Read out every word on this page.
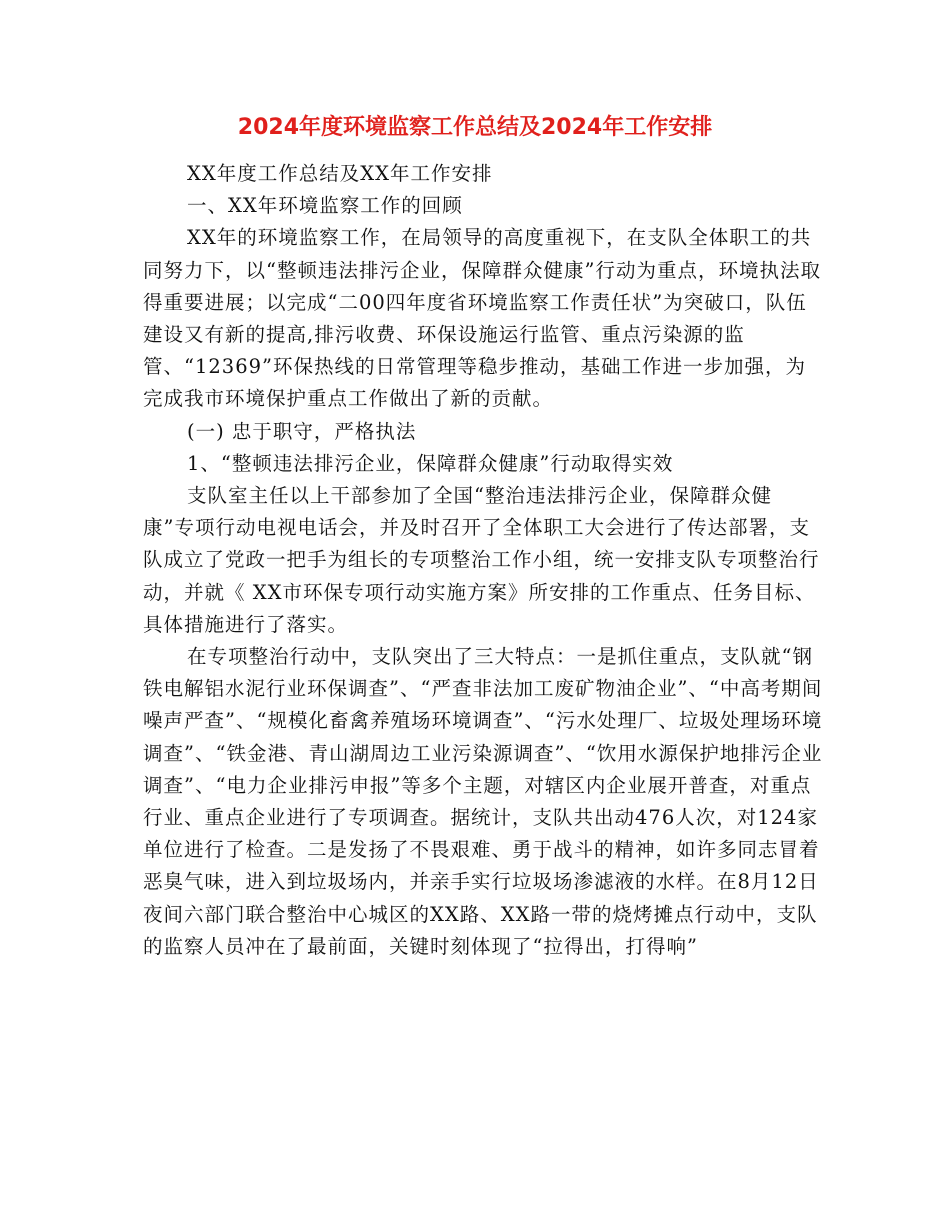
2024年度环境监察工作总结及2024年工作安排

XX年度工作总结及XX年工作安排

一、XX年环境监察工作的回顾

XX年的环境监察工作，在局领导的高度重视下，在支队全体职工的共同努力下，以“整顿违法排污企业，保障群众健康”行动为重点，环境执法取得重要进展；以完成“二00四年度省环境监察工作责任状”为突破口，队伍建设又有新的提高,排污收费、环保设施运行监管、重点污染源的监管、“12369”环保热线的日常管理等稳步推动，基础工作进一步加强，为完成我市环境保护重点工作做出了新的贡献。

(一) 忠于职守，严格执法

1、“整顿违法排污企业，保障群众健康”行动取得实效

支队室主任以上干部参加了全国“整治违法排污企业，保障群众健康”专项行动电视电话会，并及时召开了全体职工大会进行了传达部署，支队成立了党政一把手为组长的专项整治工作小组，统一安排支队专项整治行动，并就《 XX市环保专项行动实施方案》所安排的工作重点、任务目标、具体措施进行了落实。

在专项整治行动中，支队突出了三大特点：一是抓住重点，支队就“钢铁电解铝水泥行业环保调查”、“严查非法加工废矿物油企业”、“中高考期间噪声严查”、“规模化畜禽养殖场环境调查”、“污水处理厂、垃圾处理场环境调查”、“铁金港、青山湖周边工业污染源调查”、“饮用水源保护地排污企业调查”、“电力企业排污申报”等多个主题，对辖区内企业展开普查，对重点行业、重点企业进行了专项调查。据统计，支队共出动476人次，对124家单位进行了检查。二是发扬了不畏艰难、勇于战斗的精神，如许多同志冒着恶臭气味，进入到垃圾场内，并亲手实行垃圾场渗滤液的水样。在8月12日夜间六部门联合整治中心城区的XX路、XX路一带的烧烤摊点行动中，支队的监察人员冲在了最前面，关键时刻体现了“拉得出，打得响”
